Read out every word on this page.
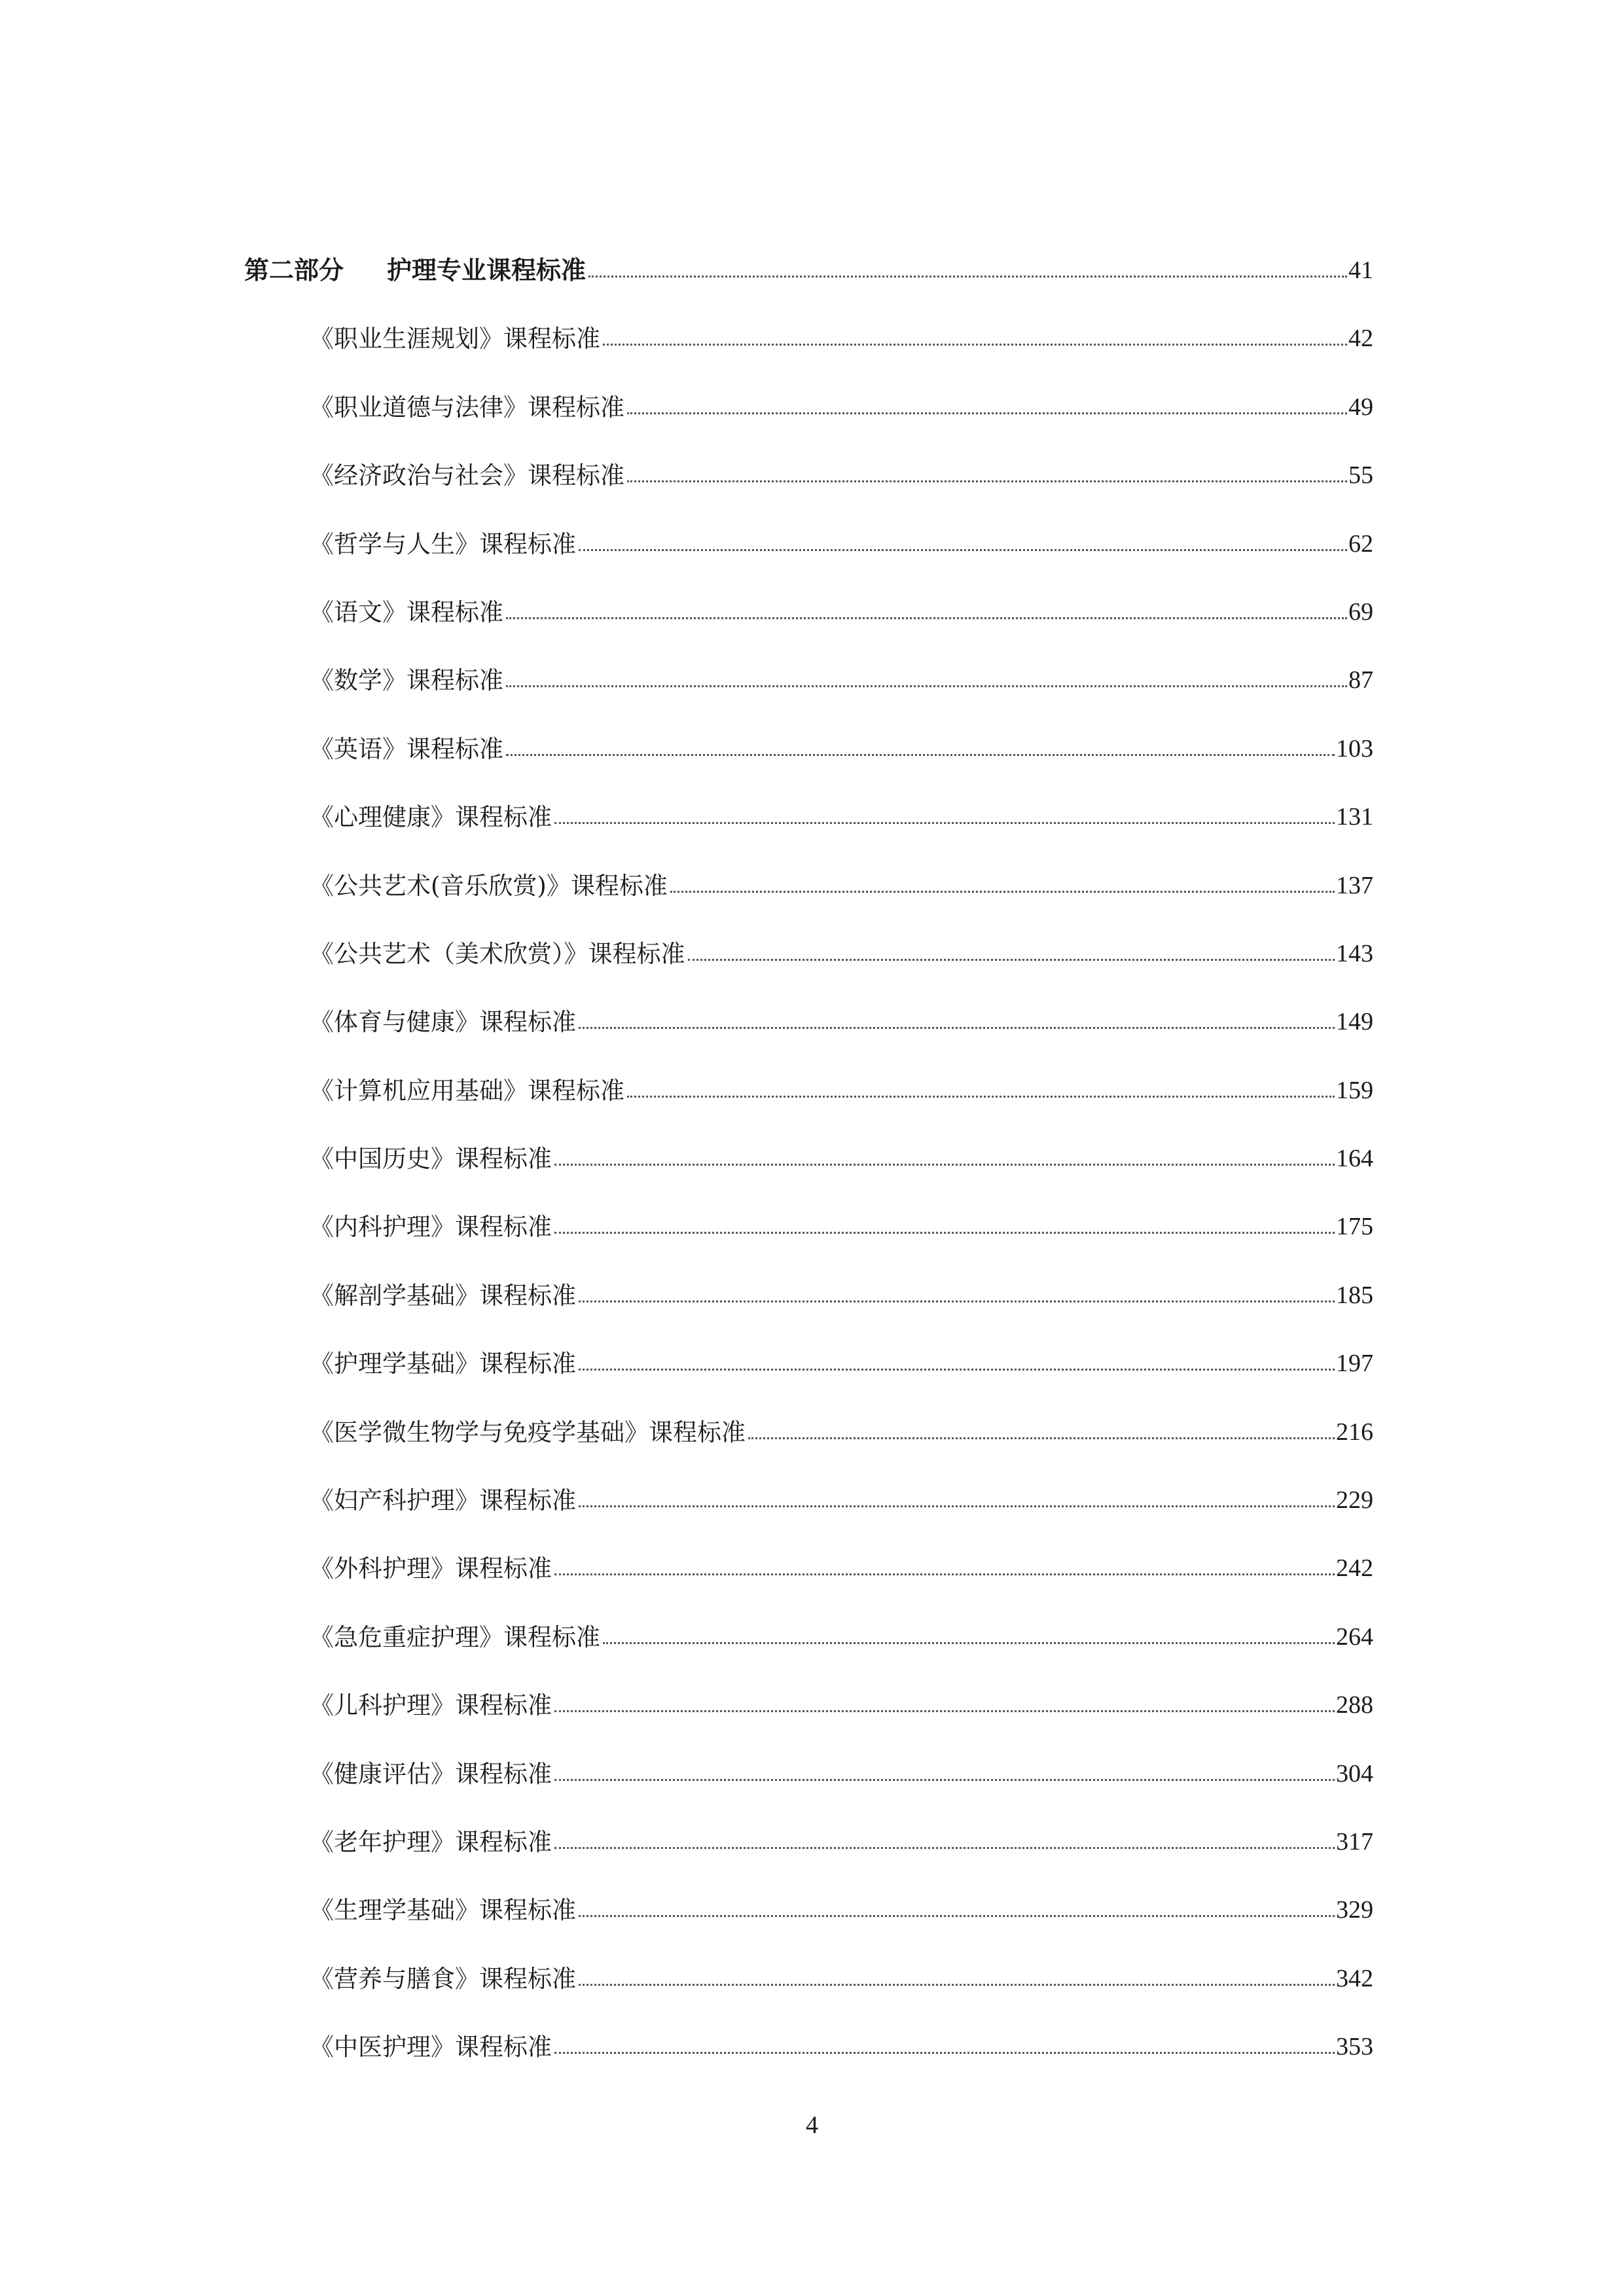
第二部分 护理专业课程标准	41
《职业生涯规划》课程标准	42
《职业道德与法律》课程标准	49
《经济政治与社会》课程标准	55
《哲学与人生》课程标准	62
《语文》课程标准	69
《数学》课程标准	87
《英语》课程标准	103
《心理健康》课程标准	131
《公共艺术(音乐欣赏)》课程标准	137
《公共艺术（美术欣赏）》课程标准	143
《体育与健康》课程标准	149
《计算机应用基础》课程标准	159
《中国历史》课程标准	164
《内科护理》课程标准	175
《解剖学基础》课程标准	185
《护理学基础》课程标准	197
《医学微生物学与免疫学基础》课程标准	216
《妇产科护理》课程标准	229
《外科护理》课程标准	242
《急危重症护理》课程标准	264
《儿科护理》课程标准	288
《健康评估》课程标准	304
《老年护理》课程标准	317
《生理学基础》课程标准	329
《营养与膳食》课程标准	342
《中医护理》课程标准	353
4
